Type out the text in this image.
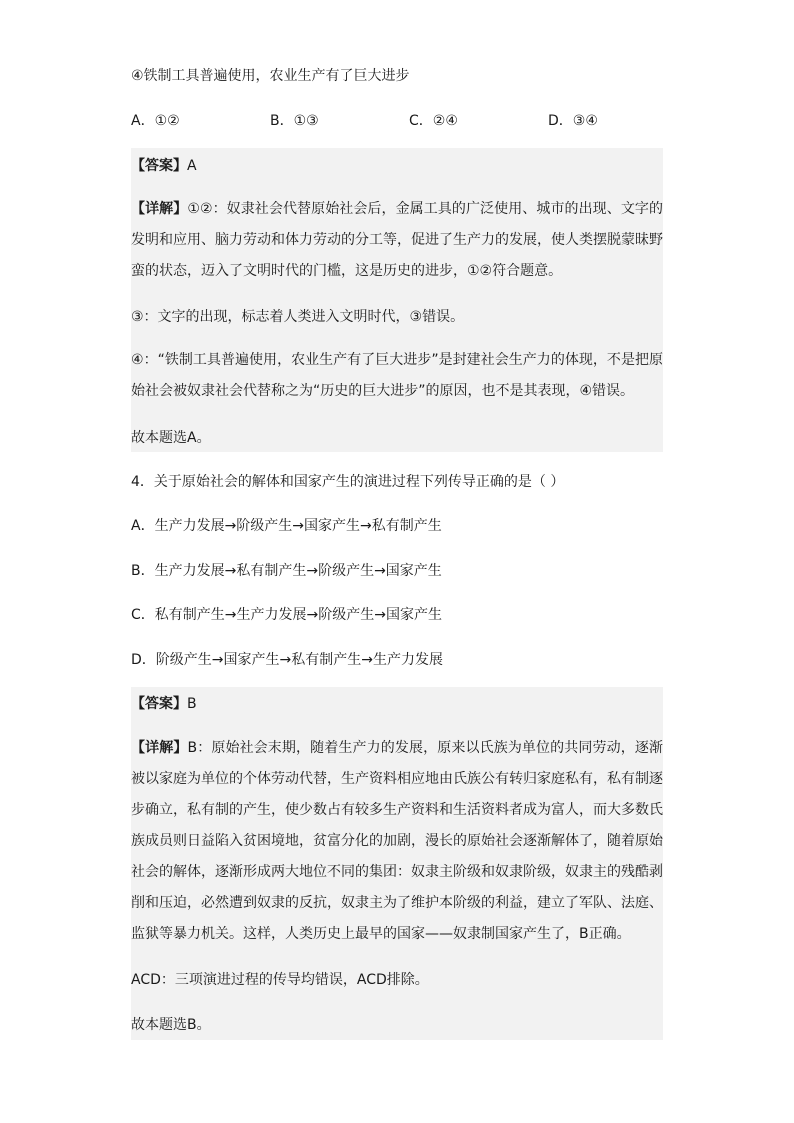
④铁制工具普遍使用，农业生产有了巨大进步
A．①②	B．①③	C．②④	D．③④
【答案】A
【详解】①②：奴隶社会代替原始社会后，金属工具的广泛使用、城市的出现、文字的发明和应用、脑力劳动和体力劳动的分工等，促进了生产力的发展，使人类摆脱蒙昧野蛮的状态，迈入了文明时代的门槛，这是历史的进步，①②符合题意。
③：文字的出现，标志着人类进入文明时代，③错误。
④：“铁制工具普遍使用，农业生产有了巨大进步”是封建社会生产力的体现，不是把原始社会被奴隶社会代替称之为“历史的巨大进步”的原因，也不是其表现，④错误。
故本题选A。
4．关于原始社会的解体和国家产生的演进过程下列传导正确的是（ ）
A．生产力发展→阶级产生→国家产生→私有制产生
B．生产力发展→私有制产生→阶级产生→国家产生
C．私有制产生→生产力发展→阶级产生→国家产生
D．阶级产生→国家产生→私有制产生→生产力发展
【答案】B
【详解】B：原始社会末期，随着生产力的发展，原来以氏族为单位的共同劳动，逐渐被以家庭为单位的个体劳动代替，生产资料相应地由氏族公有转归家庭私有，私有制逐步确立，私有制的产生，使少数占有较多生产资料和生活资料者成为富人，而大多数氏族成员则日益陷入贫困境地，贫富分化的加剧，漫长的原始社会逐渐解体了，随着原始社会的解体，逐渐形成两大地位不同的集团：奴隶主阶级和奴隶阶级，奴隶主的残酷剥削和压迫，必然遭到奴隶的反抗，奴隶主为了维护本阶级的利益，建立了军队、法庭、监狱等暴力机关。这样，人类历史上最早的国家——奴隶制国家产生了，B正确。
ACD：三项演进过程的传导均错误，ACD排除。
故本题选B。
